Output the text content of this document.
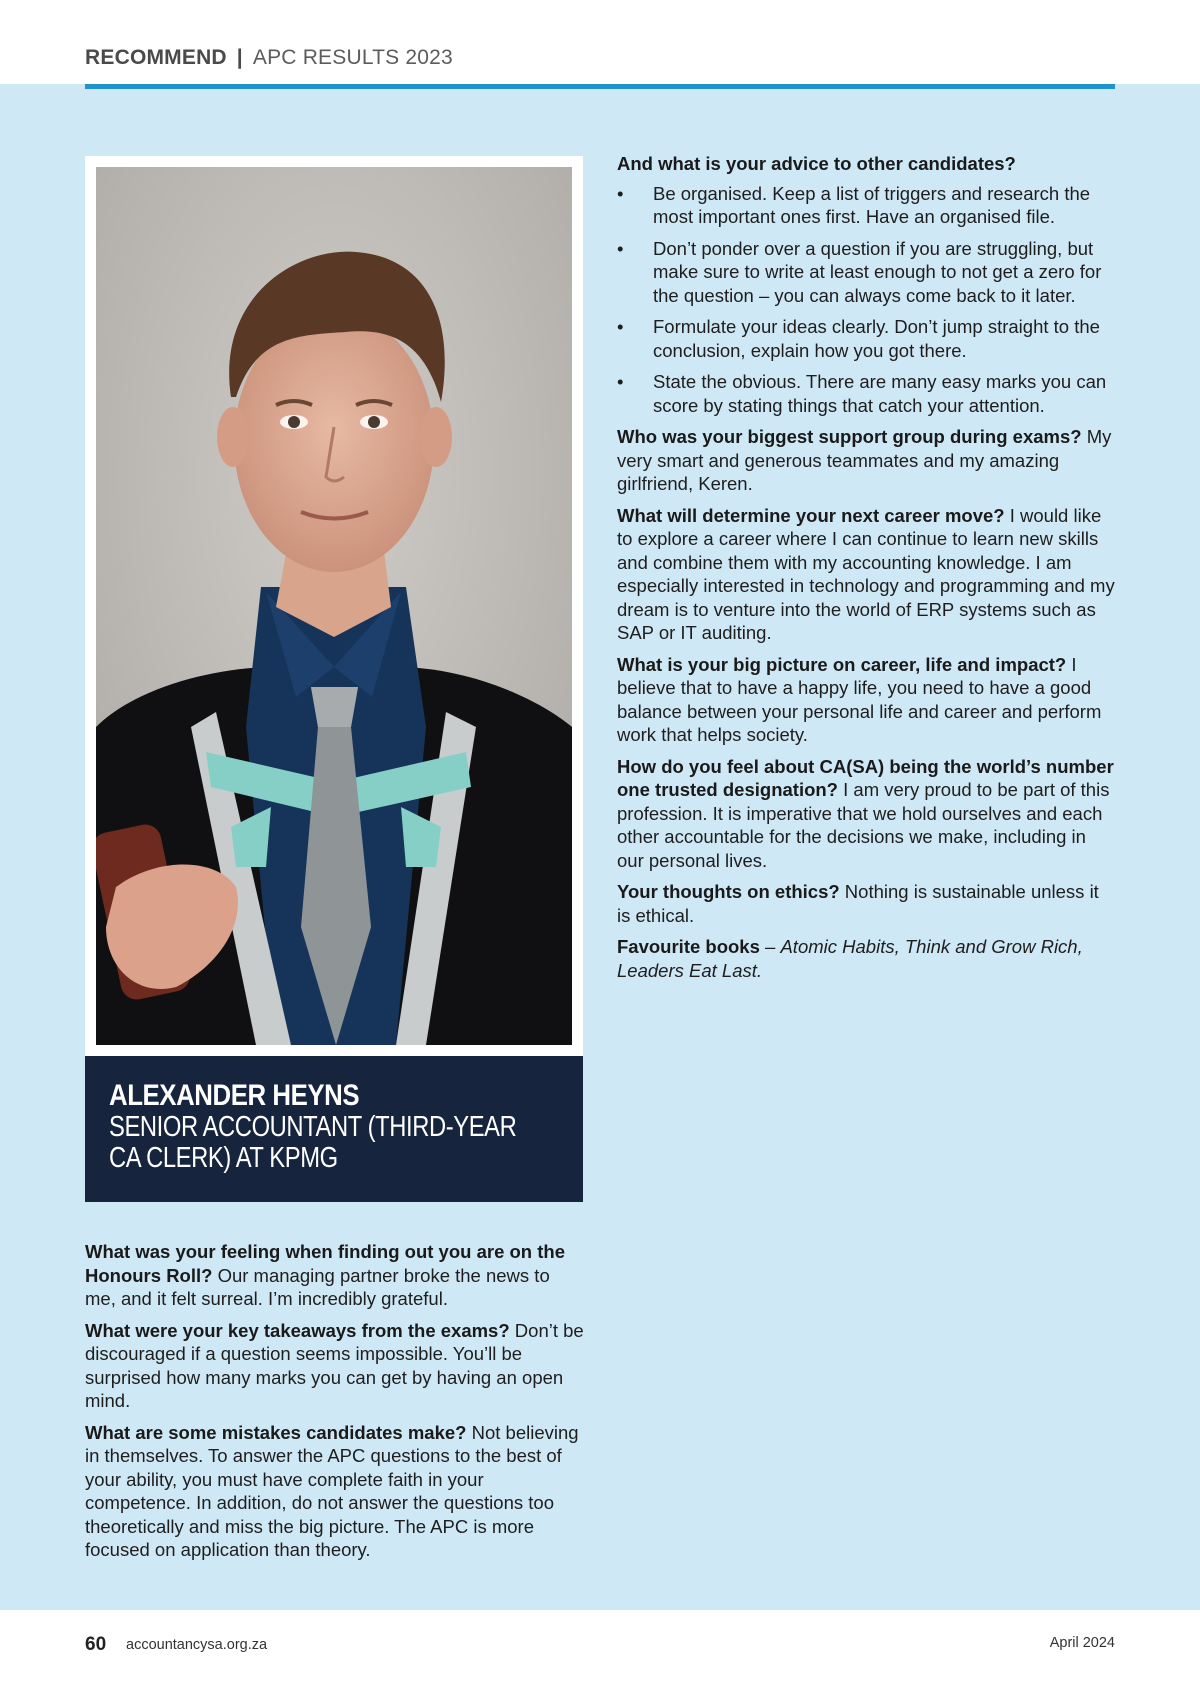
RECOMMEND | APC RESULTS 2023
ALEXANDER HEYNS
SENIOR ACCOUNTANT (THIRD-YEAR CA CLERK) AT KPMG

What was your feeling when finding out you are on the Honours Roll? Our managing partner broke the news to me, and it felt surreal. I’m incredibly grateful.

What were your key takeaways from the exams? Don’t be discouraged if a question seems impossible. You’ll be surprised how many marks you can get by having an open mind.

What are some mistakes candidates make? Not believing in themselves. To answer the APC questions to the best of your ability, you must have complete faith in your competence. In addition, do not answer the questions too theoretically and miss the big picture. The APC is more focused on application than theory.

And what is your advice to other candidates?

•	Be organised. Keep a list of triggers and research the most important ones first. Have an organised file.
•	Don’t ponder over a question if you are struggling, but make sure to write at least enough to not get a zero for the question – you can always come back to it later.
•	Formulate your ideas clearly. Don’t jump straight to the conclusion, explain how you got there.
•	State the obvious. There are many easy marks you can score by stating things that catch your attention.

Who was your biggest support group during exams? My very smart and generous teammates and my amazing girlfriend, Keren.

What will determine your next career move? I would like to explore a career where I can continue to learn new skills and combine them with my accounting knowledge. I am especially interested in technology and programming and my dream is to venture into the world of ERP systems such as SAP or IT auditing.

What is your big picture on career, life and impact? I believe that to have a happy life, you need to have a good balance between your personal life and career and perform work that helps society.

How do you feel about CA(SA) being the world’s number one trusted designation? I am very proud to be part of this profession. It is imperative that we hold ourselves and each other accountable for the decisions we make, including in our personal lives.

Your thoughts on ethics? Nothing is sustainable unless it is ethical.

Favourite books – Atomic Habits, Think and Grow Rich, Leaders Eat Last.

60 accountancysa.org.za	April 2024
